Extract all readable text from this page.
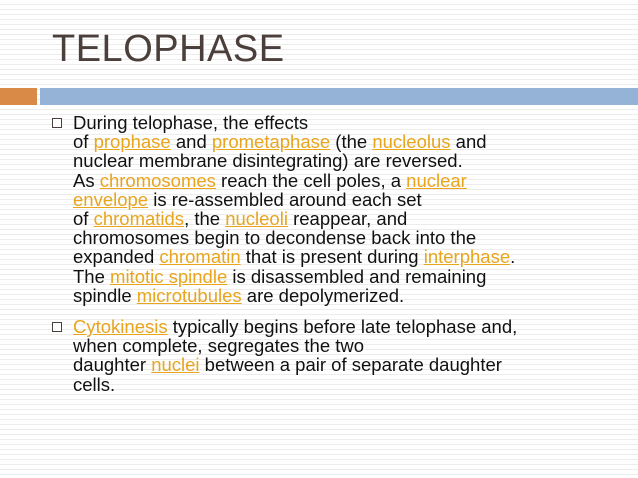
TELOPHASE
During telophase, the effects
of prophase and prometaphase (the nucleolus and
nuclear membrane disintegrating) are reversed.
As chromosomes reach the cell poles, a nuclear
envelope is re-assembled around each set
of chromatids, the nucleoli reappear, and
chromosomes begin to decondense back into the
expanded chromatin that is present during interphase.
The mitotic spindle is disassembled and remaining
spindle microtubules are depolymerized.
Cytokinesis typically begins before late telophase and,
when complete, segregates the two
daughter nuclei between a pair of separate daughter
cells.
